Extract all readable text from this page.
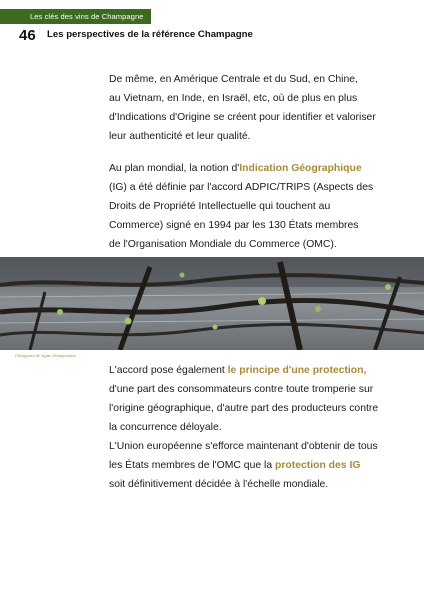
Les clés des vins de Champagne
46 Les perspectives de la référence Champagne

De même, en Amérique Centrale et du Sud, en Chine,
au Vietnam, en Inde, en Israël, etc, où de plus en plus
d'Indications d'Origine se créent pour identifier et valoriser
leur authenticité et leur qualité.

Au plan mondial, la notion d'Indication Géographique
(IG) a été définie par l'accord ADPIC/TRIPS (Aspects des
Droits de Propriété Intellectuelle qui touchent au
Commerce) signé en 1994 par les 130 États membres
de l'Organisation Mondiale du Commerce (OMC).

Chargeurs de vigne champenoise

L'accord pose également le principe d'une protection,
d'une part des consommateurs contre toute tromperie sur
l'origine géographique, d'autre part des producteurs contre
la concurrence déloyale.
L'Union européenne s'efforce maintenant d'obtenir de tous
les États membres de l'OMC que la protection des IG
soit définitivement décidée à l'échelle mondiale.
